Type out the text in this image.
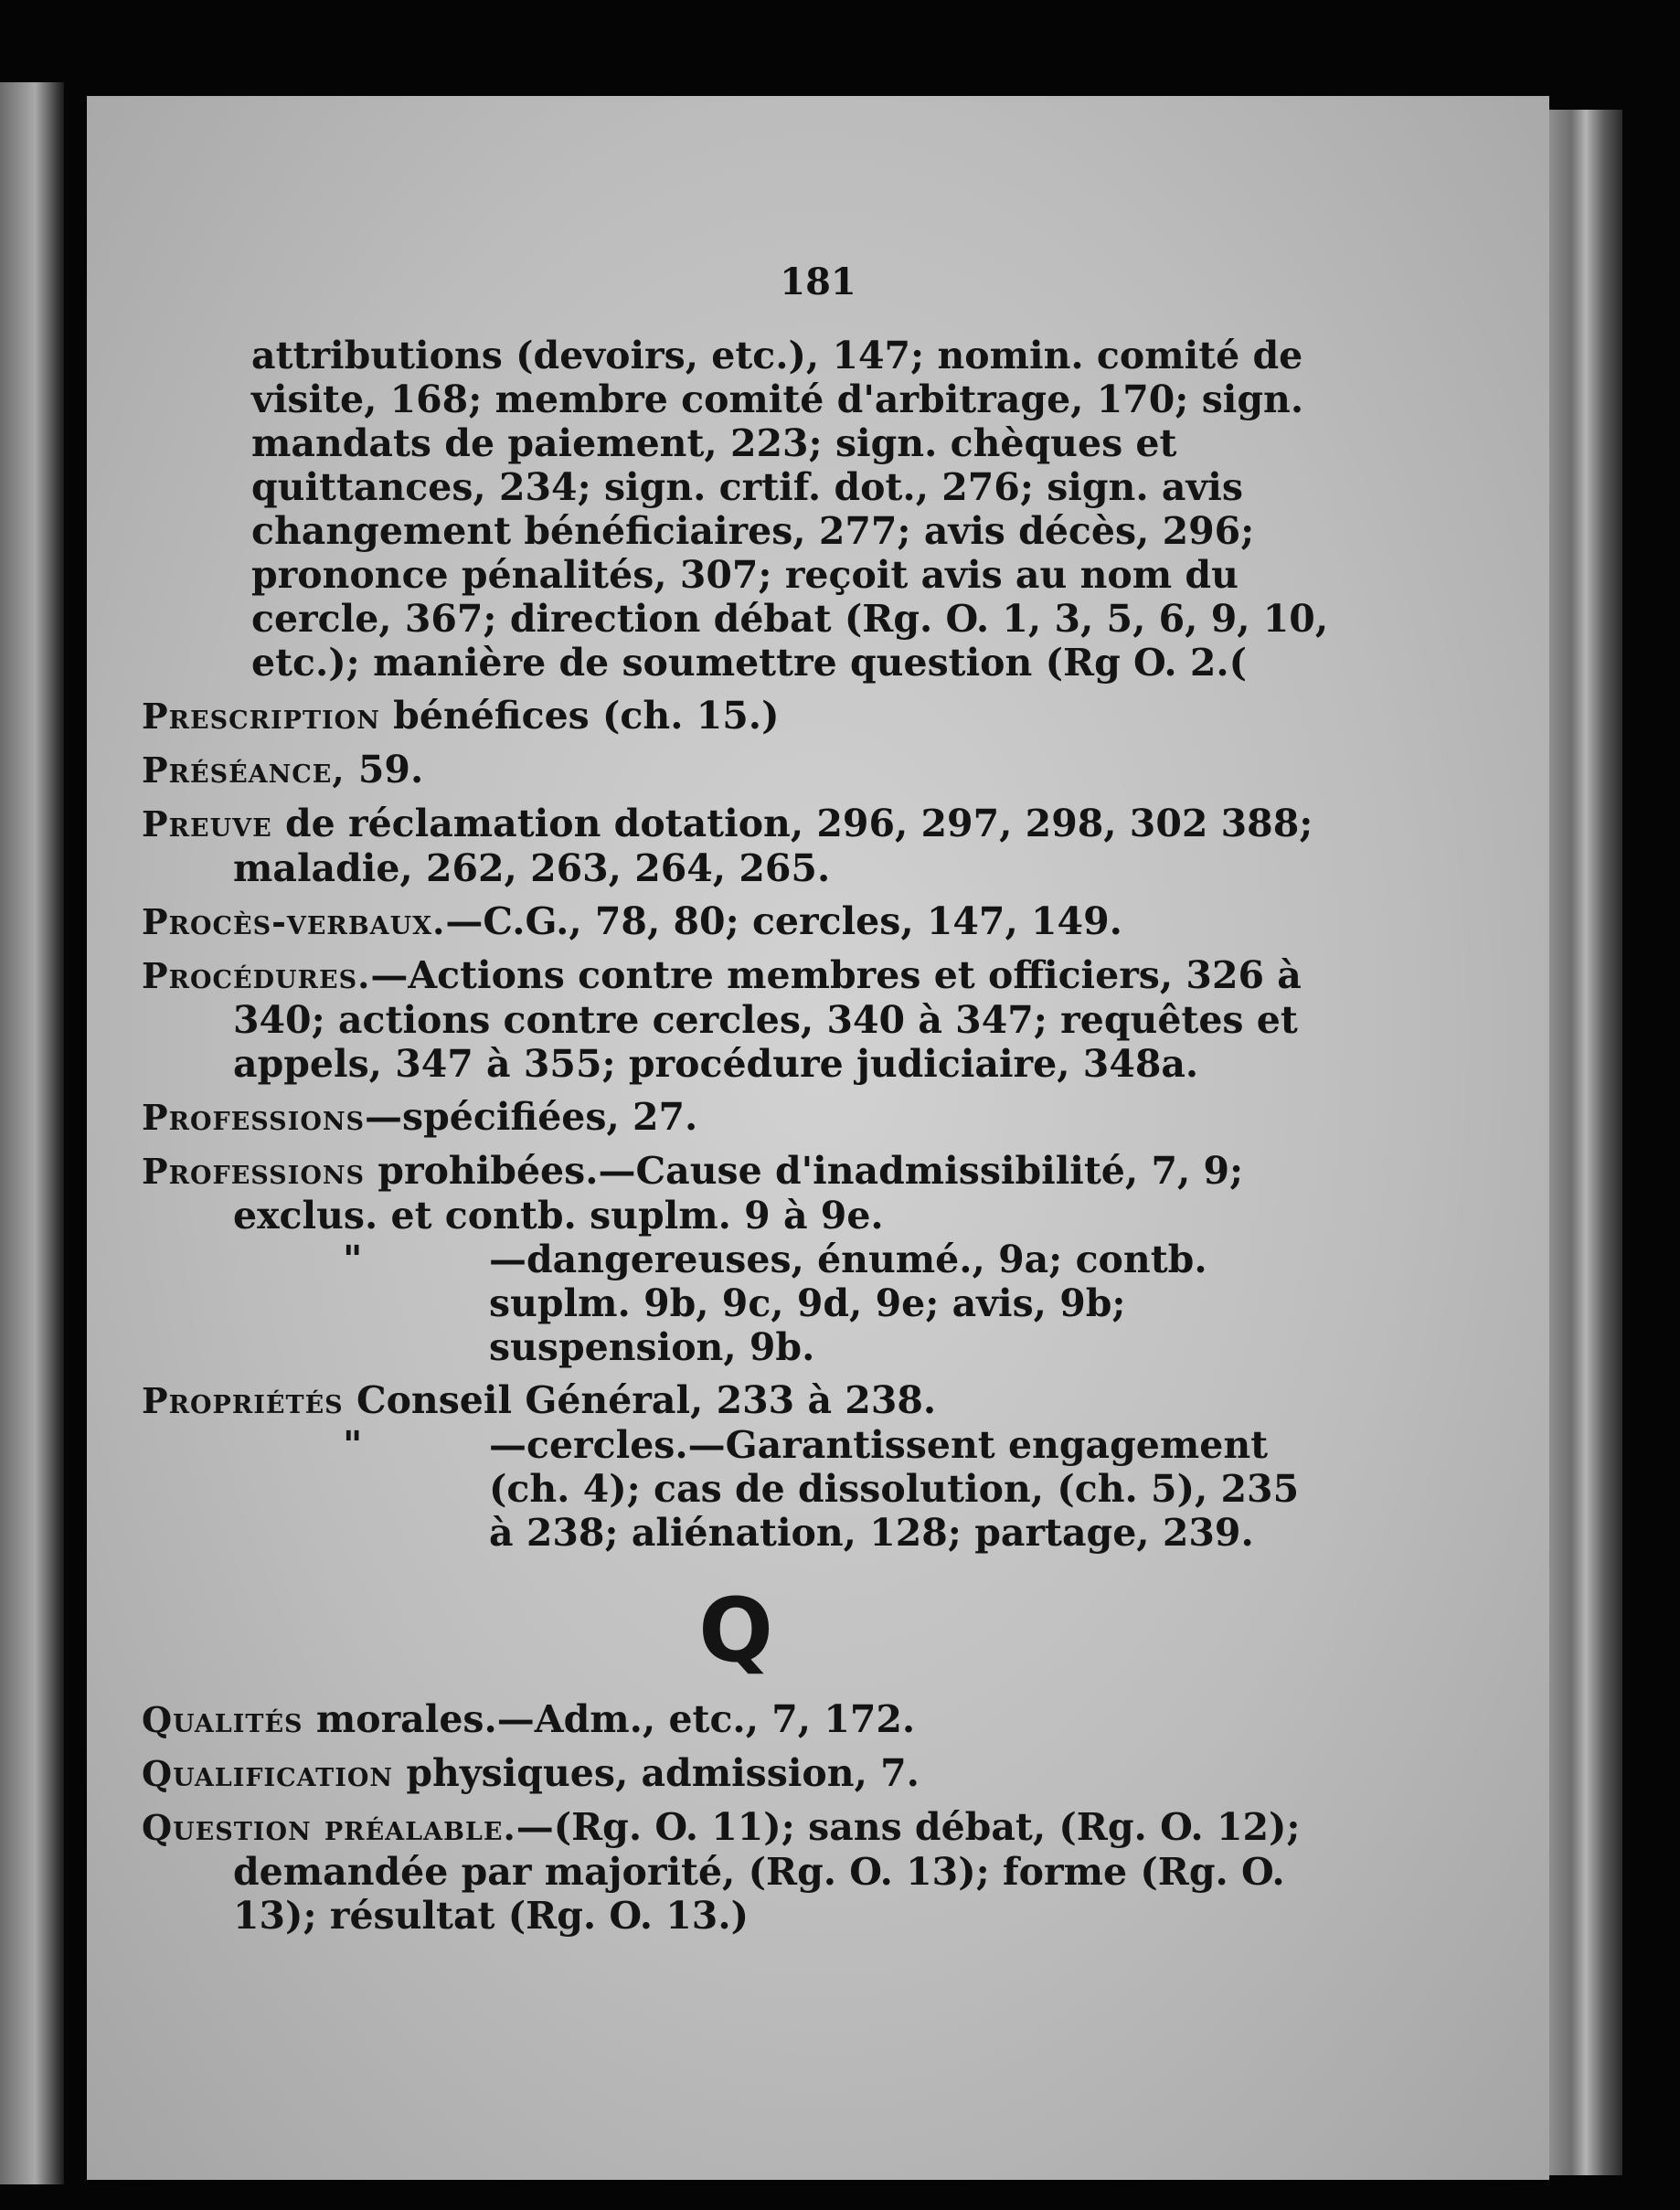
181

attributions (devoirs, etc.), 147; nomin. comité de visite, 168; membre comité d'arbitrage, 170; sign. mandats de paiement, 223; sign. chèques et quittances, 234; sign. crtif. dot., 276; sign. avis changement bénéficiaires, 277; avis décès, 296; prononce pénalités, 307; reçoit avis au nom du cercle, 367; direction débat (Rg. O. 1, 3, 5, 6, 9, 10, etc.); manière de soumettre question (Rg O. 2.(

Prescription bénéfices (ch. 15.)

Préséance, 59.

Preuve de réclamation dotation, 296, 297, 298, 302 388; maladie, 262, 263, 264, 265.

Procès-verbaux.—C.G., 78, 80; cercles, 147, 149.

Procédures.—Actions contre membres et officiers, 326 à 340; actions contre cercles, 340 à 347; requêtes et appels, 347 à 355; procédure judiciaire, 348a.

Professions—spécifiées, 27.

Professions prohibées.—Cause d'inadmissibilité, 7, 9; exclus. et contb. suplm. 9 à 9e.
"	—dangereuses, énumé., 9a; contb. suplm. 9b, 9c, 9d, 9e; avis, 9b; suspension, 9b.

Propriétés Conseil Général, 233 à 238.
"	—cercles.—Garantissent engagement (ch. 4); cas de dissolution, (ch. 5), 235 à 238; aliénation, 128; partage, 239.

Q

Qualités morales.—Adm., etc., 7, 172.

Qualification physiques, admission, 7.

Question préalable.—(Rg. O. 11); sans débat, (Rg. O. 12); demandée par majorité, (Rg. O. 13); forme (Rg. O. 13); résultat (Rg. O. 13.)
